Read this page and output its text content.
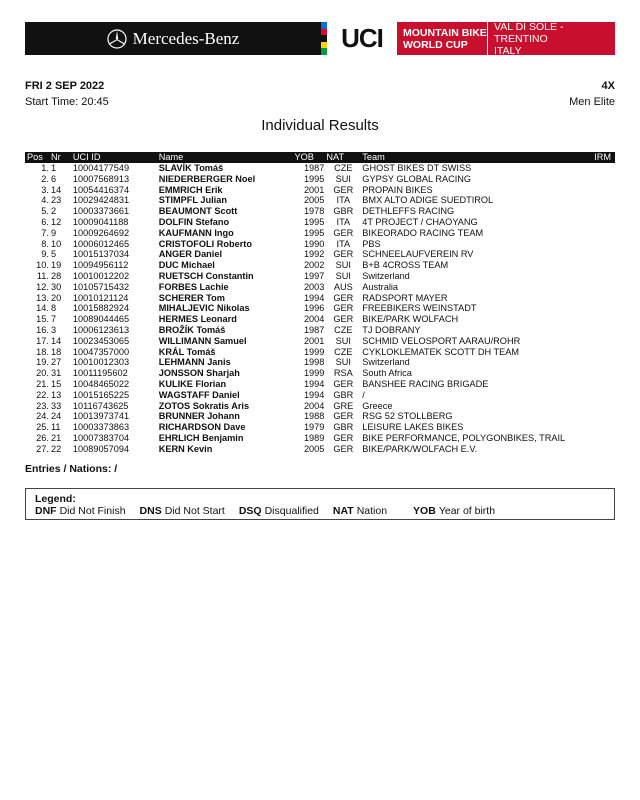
Mercedes-Benz	UCI MOUNTAIN BIKE
WORLD CUP
VAL DI SOLE - TRENTINO
ITALY
FRI 2 SEP 2022	4X
Start Time: 20:45	Men Elite
Individual Results
Pos	Nr	UCI ID	Name	YOB	NAT	Team	IRM
1.	1	10004177549	SLAVÍK Tomáš	1987	CZE	GHOST BIKES DT SWISS	
2.	6	10007568913	NIEDERBERGER Noel	1995	SUI	GYPSY GLOBAL RACING	
3.	14	10054416374	EMMRICH Erik	2001	GER	PROPAIN BIKES	
4.	23	10029424831	STIMPFL Julian	2005	ITA	BMX ALTO ADIGE SUEDTIROL	
5.	2	10003373661	BEAUMONT Scott	1978	GBR	DETHLEFFS RACING	
6.	12	10009041188	DOLFIN Stefano	1995	ITA	4T PROJECT / CHAOYANG	
7.	9	10009264692	KAUFMANN Ingo	1995	GER	BIKEORADO RACING TEAM	
8.	10	10006012465	CRISTOFOLI Roberto	1990	ITA	PBS	
9.	5	10015137034	ANGER Daniel	1992	GER	SCHNEELAUFVEREIN RV	
10.	19	10094956112	DUC Michael	2002	SUI	B+B 4CROSS TEAM	
11.	28	10010012202	RUETSCH Constantin	1997	SUI	Switzerland	
12.	30	10105715432	FORBES Lachie	2003	AUS	Australia	
13.	20	10010121124	SCHERER Tom	1994	GER	RADSPORT MAYER	
14.	8	10015882924	MIHALJEVIC Nikolas	1996	GER	FREEBIKERS WEINSTADT	
15.	7	10089044465	HERMES Leonard	2004	GER	BIKE/PARK WOLFACH	
16.	3	10006123613	BROŽÍK Tomáš	1987	CZE	TJ DOBRANY	
17.	14	10023453065	WILLIMANN Samuel	2001	SUI	SCHMID VELOSPORT AARAU/ROHR	
18.	18	10047357000	KRÁL Tomáš	1999	CZE	CYKLOKLEMATEK SCOTT DH TEAM	
19.	27	10010012303	LEHMANN Janis	1998	SUI	Switzerland	
20.	31	10011195602	JONSSON Sharjah	1999	RSA	South Africa	
21.	15	10048465022	KULIKE Florian	1994	GER	BANSHEE RACING BRIGADE	
22.	13	10015165225	WAGSTAFF Daniel	1994	GBR	/	
23.	33	10116743625	ZOTOS Sokratis Aris	2004	GRE	Greece	
24.	24	10013973741	BRUNNER Johann	1988	GER	RSG 52 STOLLBERG	
25.	11	10003373863	RICHARDSON Dave	1979	GBR	LEISURE LAKES BIKES	
26.	21	10007383704	EHRLICH Benjamin	1989	GER	BIKE PERFORMANCE, POLYGONBIKES, TRAIL	
27.	22	10089057094	KERN Kevin	2005	GER	BIKE/PARK/WOLFACH E.V.	
Entries / Nations: /
Legend:
DNF Did Not Finish DNS Did Not Start DSQ Disqualified NAT Nation YOB Year of birth
